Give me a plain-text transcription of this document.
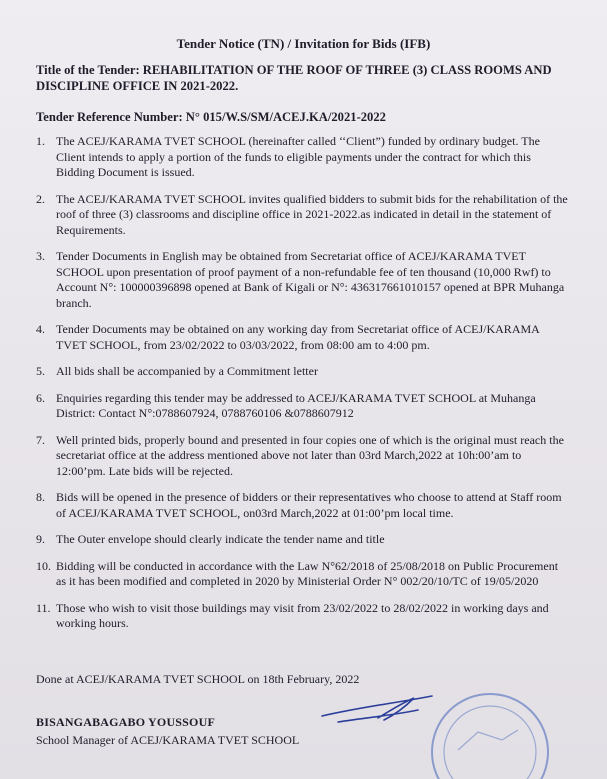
Tender Notice (TN) / Invitation for Bids (IFB)
Title of the Tender: REHABILITATION OF THE ROOF OF THREE (3) CLASS ROOMS AND DISCIPLINE OFFICE IN 2021-2022.
Tender Reference Number: N° 015/W.S/SM/ACEJ.KA/2021-2022
1. The ACEJ/KARAMA TVET SCHOOL (hereinafter called ‘‘Client”) funded by ordinary budget. The Client intends to apply a portion of the funds to eligible payments under the contract for which this Bidding Document is issued.
2. The ACEJ/KARAMA TVET SCHOOL invites qualified bidders to submit bids for the rehabilitation of the roof of three (3) classrooms and discipline office in 2021-2022.as indicated in detail in the statement of Requirements.
3. Tender Documents in English may be obtained from Secretariat office of ACEJ/KARAMA TVET SCHOOL upon presentation of proof payment of a non-refundable fee of ten thousand (10,000 Rwf) to Account N°: 100000396898 opened at Bank of Kigali or N°: 436317661010157 opened at BPR Muhanga branch.
4. Tender Documents may be obtained on any working day from Secretariat office of ACEJ/KARAMA TVET SCHOOL, from 23/02/2022 to 03/03/2022, from 08:00 am to 4:00 pm.
5. All bids shall be accompanied by a Commitment letter
6. Enquiries regarding this tender may be addressed to ACEJ/KARAMA TVET SCHOOL at Muhanga District: Contact N°:0788607924, 0788760106 &0788607912
7. Well printed bids, properly bound and presented in four copies one of which is the original must reach the secretariat office at the address mentioned above not later than 03rd March,2022 at 10h:00’am to 12:00’pm. Late bids will be rejected.
8. Bids will be opened in the presence of bidders or their representatives who choose to attend at Staff room of ACEJ/KARAMA TVET SCHOOL, on03rd March,2022 at 01:00’pm local time.
9. The Outer envelope should clearly indicate the tender name and title
10. Bidding will be conducted in accordance with the Law N°62/2018 of 25/08/2018 on Public Procurement as it has been modified and completed in 2020 by Ministerial Order N° 002/20/10/TC of 19/05/2020
11. Those who wish to visit those buildings may visit from 23/02/2022 to 28/02/2022 in working days and working hours.
Done at ACEJ/KARAMA TVET SCHOOL on 18th February, 2022
BISANGABAGABO YOUSSOUF
School Manager of ACEJ/KARAMA TVET SCHOOL
